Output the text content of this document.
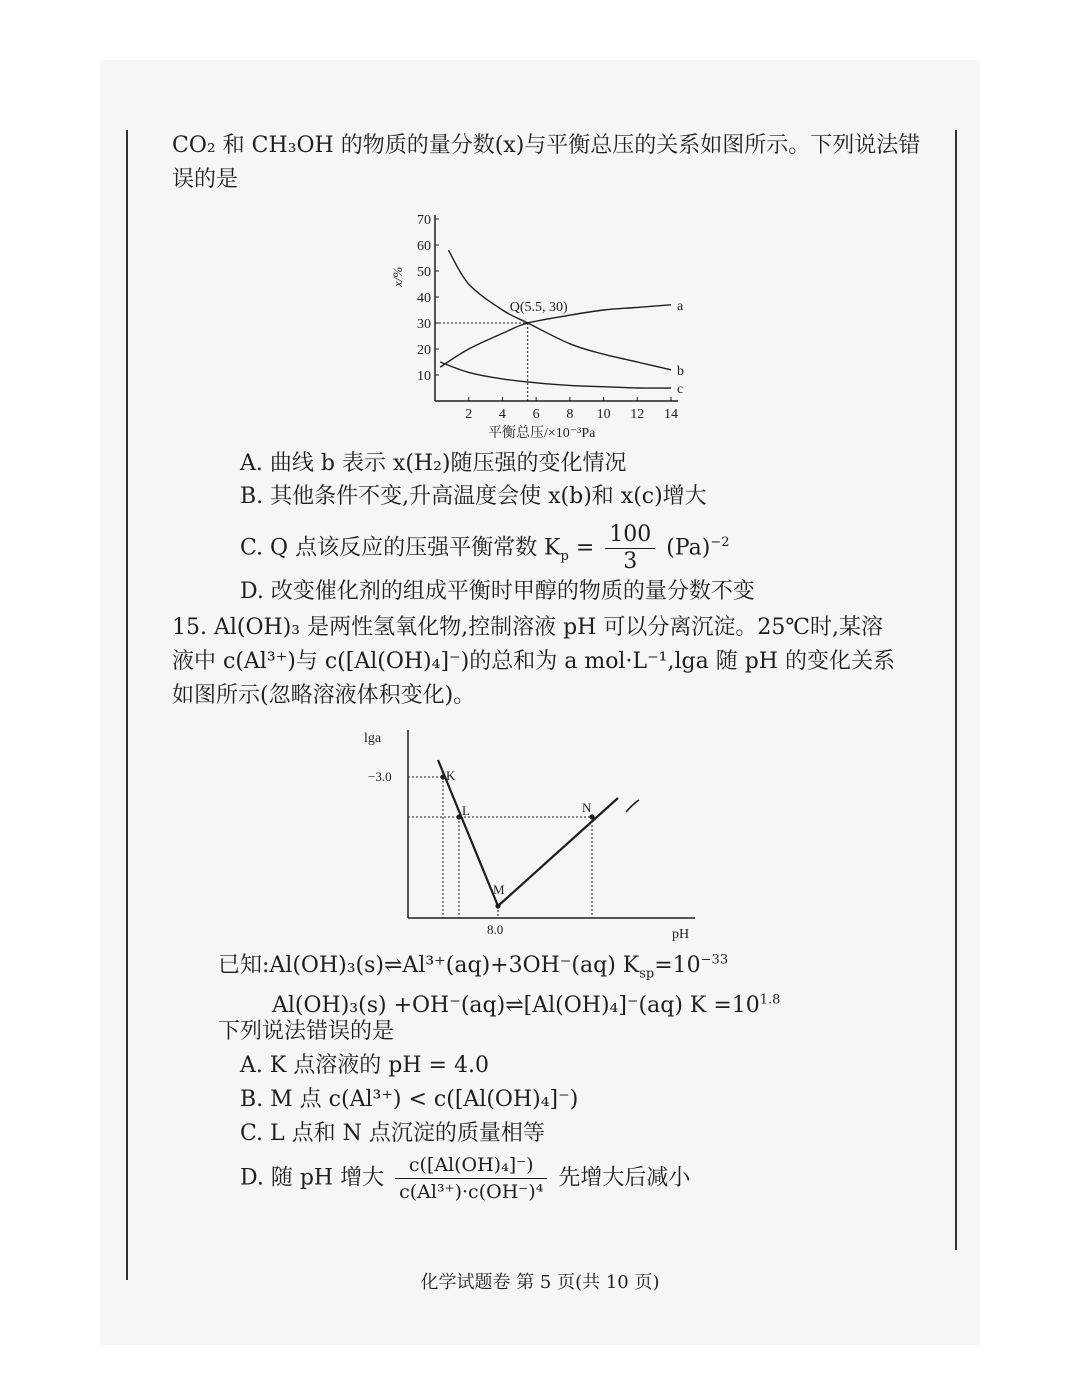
CO₂ 和 CH₃OH 的物质的量分数(x)与平衡总压的关系如图所示。下列说法错
误的是
10
20
30
40
50
60
70
2 4 6 8 10 12 14
x/%
平衡总压/×10⁻³Pa
Q(5.5, 30)	a
b
c
A. 曲线 b 表示 x(H₂)随压强的变化情况
B. 其他条件不变,升高温度会使 x(b)和 x(c)增大
C. Q 点该反应的压强平衡常数 $K_p = \frac{100}{3} (Pa)^{-2}$
D. 改变催化剂的组成平衡时甲醇的物质的量分数不变
15. Al(OH)₃ 是两性氢氧化物,控制溶液 pH 可以分离沉淀。25℃时,某溶
液中 c(Al³⁺)与 c([Al(OH)₄]⁻)的总和为 a mol·L⁻¹,lga 随 pH 的变化关系
如图所示(忽略溶液体积变化)。
lga
pH
−3.0
8.0
K
L
M
N
已知:Al(OH)₃(s)⇌Al³⁺(aq)+3OH⁻(aq) $K_{sp}=10^{-33}$
Al(OH)₃(s) +OH⁻(aq)⇌[Al(OH)₄]⁻(aq) $K =10^{1.8}$
下列说法错误的是
A. K 点溶液的 pH = 4.0
B. M 点 c(Al³⁺) < c([Al(OH)₄]⁻)
C. L 点和 N 点沉淀的质量相等
D. 随 pH 增大 $\frac{\text{c([Al(OH)₄]⁻)}}{\text{c(Al³⁺)·c(OH⁻)⁴}}$ 先增大后减小
化学试题卷 第 5 页(共 10 页)
